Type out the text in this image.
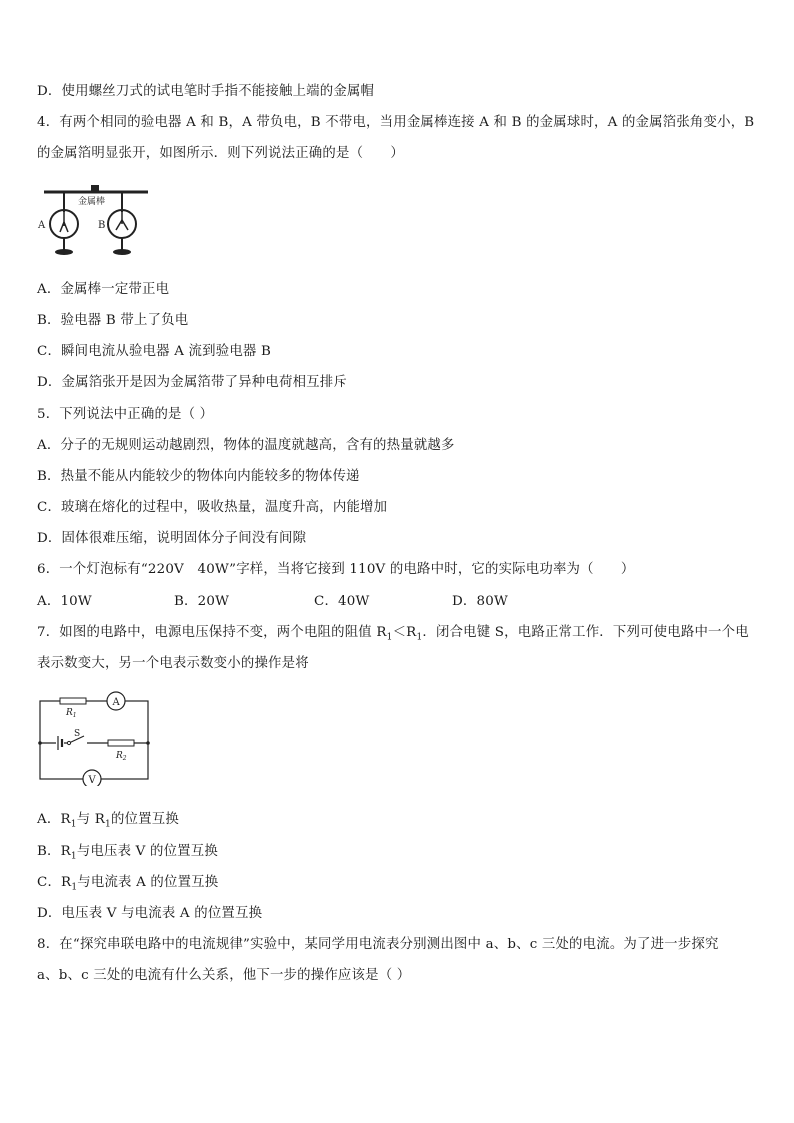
D．使用螺丝刀式的试电笔时手指不能接触上端的金属帽
4．有两个相同的验电器 A 和 B，A 带负电，B 不带电，当用金属棒连接 A 和 B 的金属球时，A 的金属箔张角变小，B
的金属箔明显张开，如图所示．则下列说法正确的是（　　）
金属棒
A	B
A．金属棒一定带正电
B．验电器 B 带上了负电
C．瞬间电流从验电器 A 流到验电器 B
D．金属箔张开是因为金属箔带了异种电荷相互排斥
5．下列说法中正确的是（ ）
A．分子的无规则运动越剧烈，物体的温度就越高，含有的热量就越多
B．热量不能从内能较少的物体向内能较多的物体传递
C．玻璃在熔化的过程中，吸收热量，温度升高，内能增加
D．固体很难压缩，说明固体分子间没有间隙
6．一个灯泡标有“220V　40W”字样，当将它接到 110V 的电路中时，它的实际电功率为（　　）
A．10W	B．20W	C．40W	D．80W
7．如图的电路中，电源电压保持不变，两个电阻的阻值 $R_1<R_1$．闭合电键 S，电路正常工作．下列可使电路中一个电
表示数变大，另一个电表示数变小的操作是将
$R_1$
A
S
$R_2$
V
A．$R_1$与 $R_1$的位置互换
B．$R_1$与电压表 V 的位置互换
C．$R_1$与电流表 A 的位置互换
D．电压表 V 与电流表 A 的位置互换
8．在“探究串联电路中的电流规律”实验中，某同学用电流表分别测出图中 a、b、c 三处的电流。为了进一步探究
a、b、c 三处的电流有什么关系，他下一步的操作应该是（ ）
